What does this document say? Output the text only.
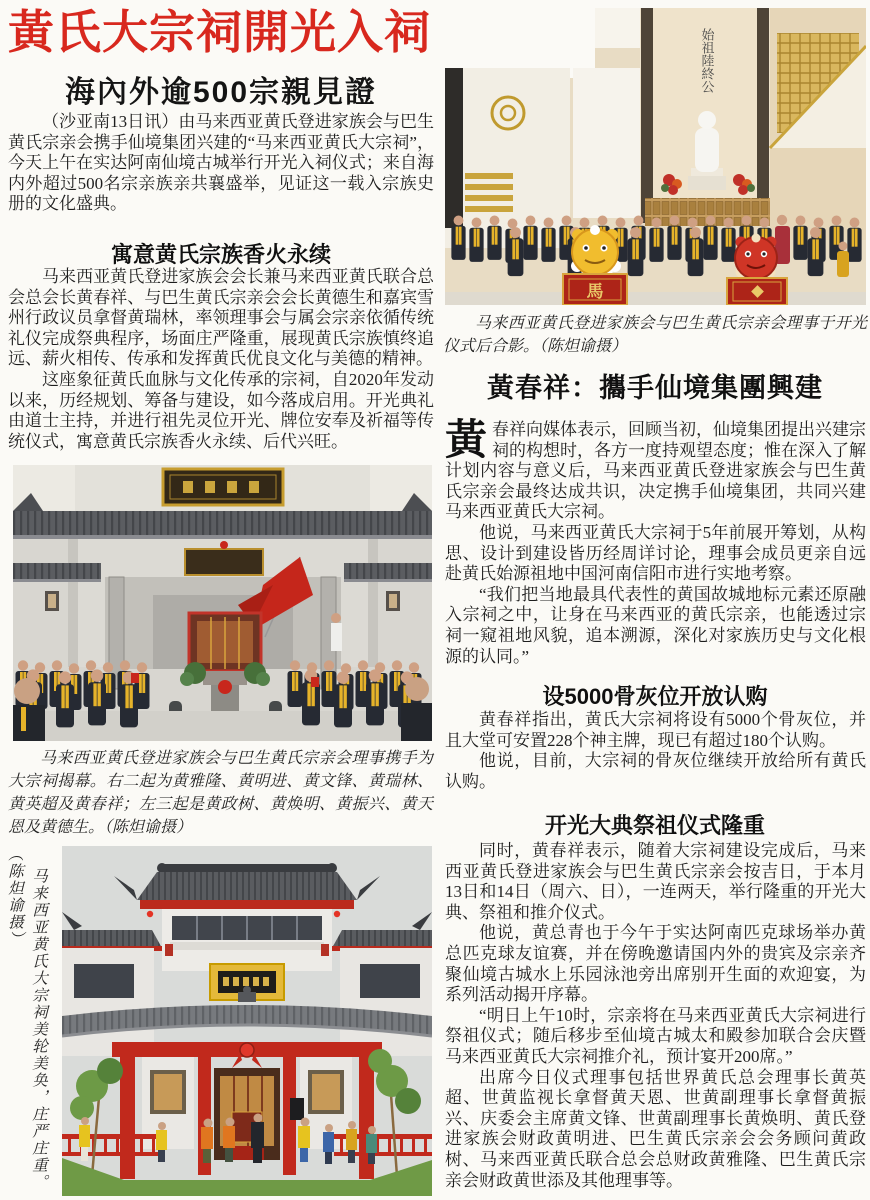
黃氏大宗祠開光入祠
海內外逾500宗親見證

（沙亚南13日讯）由马来西亚黄氏登进家族会与巴生黄氏宗亲会携手仙境集团兴建的“马来西亚黄氏大宗祠”，今天上午在实达阿南仙境古城举行开光入祠仪式；来自海内外超过500名宗亲族亲共襄盛举，见证这一载入宗族史册的文化盛典。

寓意黄氏宗族香火永续

马来西亚黄氏登进家族会会长兼马来西亚黄氏联合总会总会长黄春祥、与巴生黄氏宗亲会会长黄德生和嘉宾雪州行政议员拿督黄瑞林，率领理事会与属会宗亲依循传统礼仪完成祭典程序，场面庄严隆重，展现黄氏宗族慎终追远、薪火相传、传承和发挥黄氏优良文化与美德的精神。

这座象征黄氏血脉与文化传承的宗祠，自2020年发动以来，历经规划、筹备与建设，如今落成启用。开光典礼由道士主持，并进行祖先灵位开光、牌位安奉及祈福等传统仪式，寓意黄氏宗族香火永续、后代兴旺。

马来西亚黄氏登进家族会与巴生黄氏宗亲会理事携手为大宗祠揭幕。右二起为黄雅隆、黄明进、黄文锋、黄瑞林、黄英超及黄春祥；左三起是黄政树、黄焕明、黄振兴、黄天恩及黄德生。（陈炟谕摄）
马来西亚黄氏大宗祠美轮美奂，庄严庄重。
（陈炟谕摄）
始祖陸終公
馬
马来西亚黄氏登进家族会与巴生黄氏宗亲会理事于开光仪式后合影。（陈炟谕摄）
黃春祥：攜手仙境集團興建

黃春祥向媒体表示，回顾当初，仙境集团提出兴建宗祠的构想时，各方一度持观望态度；惟在深入了解计划内容与意义后，马来西亚黄氏登进家族会与巴生黄氏宗亲会最终达成共识，决定携手仙境集团，共同兴建马来西亚黄氏大宗祠。

他说，马来西亚黄氏大宗祠于5年前展开筹划，从构思、设计到建设皆历经周详讨论，理事会成员更亲自远赴黄氏始源祖地中国河南信阳市进行实地考察。

“我们把当地最具代表性的黄国故城地标元素还原融入宗祠之中，让身在马来西亚的黄氏宗亲，也能透过宗祠一窥祖地风貌，追本溯源，深化对家族历史与文化根源的认同。”

设5000骨灰位开放认购

黄春祥指出，黄氏大宗祠将设有5000个骨灰位，并且大堂可安置228个神主牌，现已有超过180个认购。

他说，目前，大宗祠的骨灰位继续开放给所有黄氏认购。

开光大典祭祖仪式隆重

同时，黄春祥表示，随着大宗祠建设完成后，马来西亚黄氏登进家族会与巴生黄氏宗亲会按吉日，于本月13日和14日（周六、日），一连两天，举行隆重的开光大典、祭祖和推介仪式。

他说，黄总青也于今午于实达阿南匹克球场举办黄总匹克球友谊赛，并在傍晚邀请国内外的贵宾及宗亲齐聚仙境古城水上乐园泳池旁出席别开生面的欢迎宴，为系列活动揭开序幕。

“明日上午10时，宗亲将在马来西亚黄氏大宗祠进行祭祖仪式；随后移步至仙境古城太和殿参加联合会庆暨马来西亚黄氏大宗祠推介礼，预计宴开200席。”

出席今日仪式理事包括世界黄氏总会理事长黄英超、世黄监视长拿督黄天恩、世黄副理事长拿督黄振兴、庆委会主席黄文锋、世黄副理事长黄焕明、黄氏登进家族会财政黄明进、巴生黄氏宗亲会会务顾问黄政树、马来西亚黄氏联合总会总财政黄雅隆、巴生黄氏宗亲会财政黄世添及其他理事等。
